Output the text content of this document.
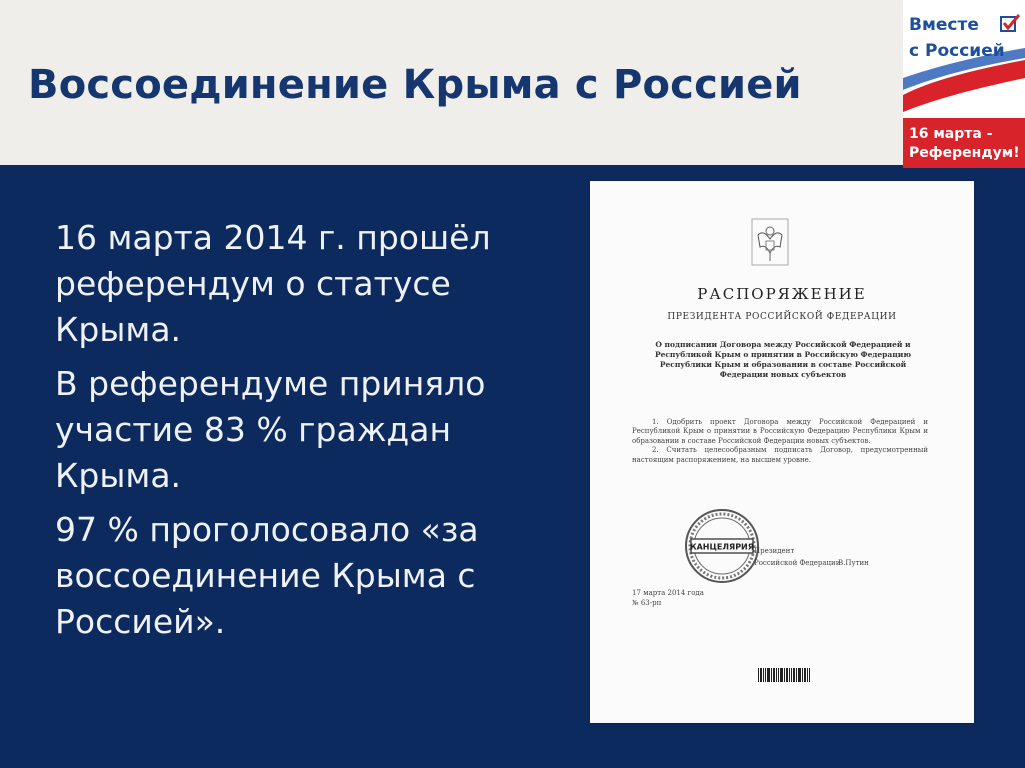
Воссоединение Крыма с Россией

16 марта 2014 г. прошёл референдум о статусе Крыма.

В референдуме приняло участие 83 % граждан Крыма.

97 % проголосовало «за воссоединение Крыма с Россией».

Вместе
с Россией
16 марта -
Референдум!
РАСПОРЯЖЕНИЕ
ПРЕЗИДЕНТА РОССИЙСКОЙ ФЕДЕРАЦИИ
О подписании Договора между Российской Федерацией и Республикой Крым о принятии в Российскую Федерацию Республики Крым и образовании в составе Российской Федерации новых субъектов

1. Одобрить проект Договора между Российской Федерацией и Республикой Крым о принятии в Российскую Федерацию Республики Крым и образовании в составе Российской Федерации новых субъектов.

2. Считать целесообразным подписать Договор, предусмотренный настоящим распоряжением, на высшем уровне.

КАНЦЕЛЯРИЯ Президент
Российской Федерации
В.Путин
17 марта 2014 года
№ 63-рп
